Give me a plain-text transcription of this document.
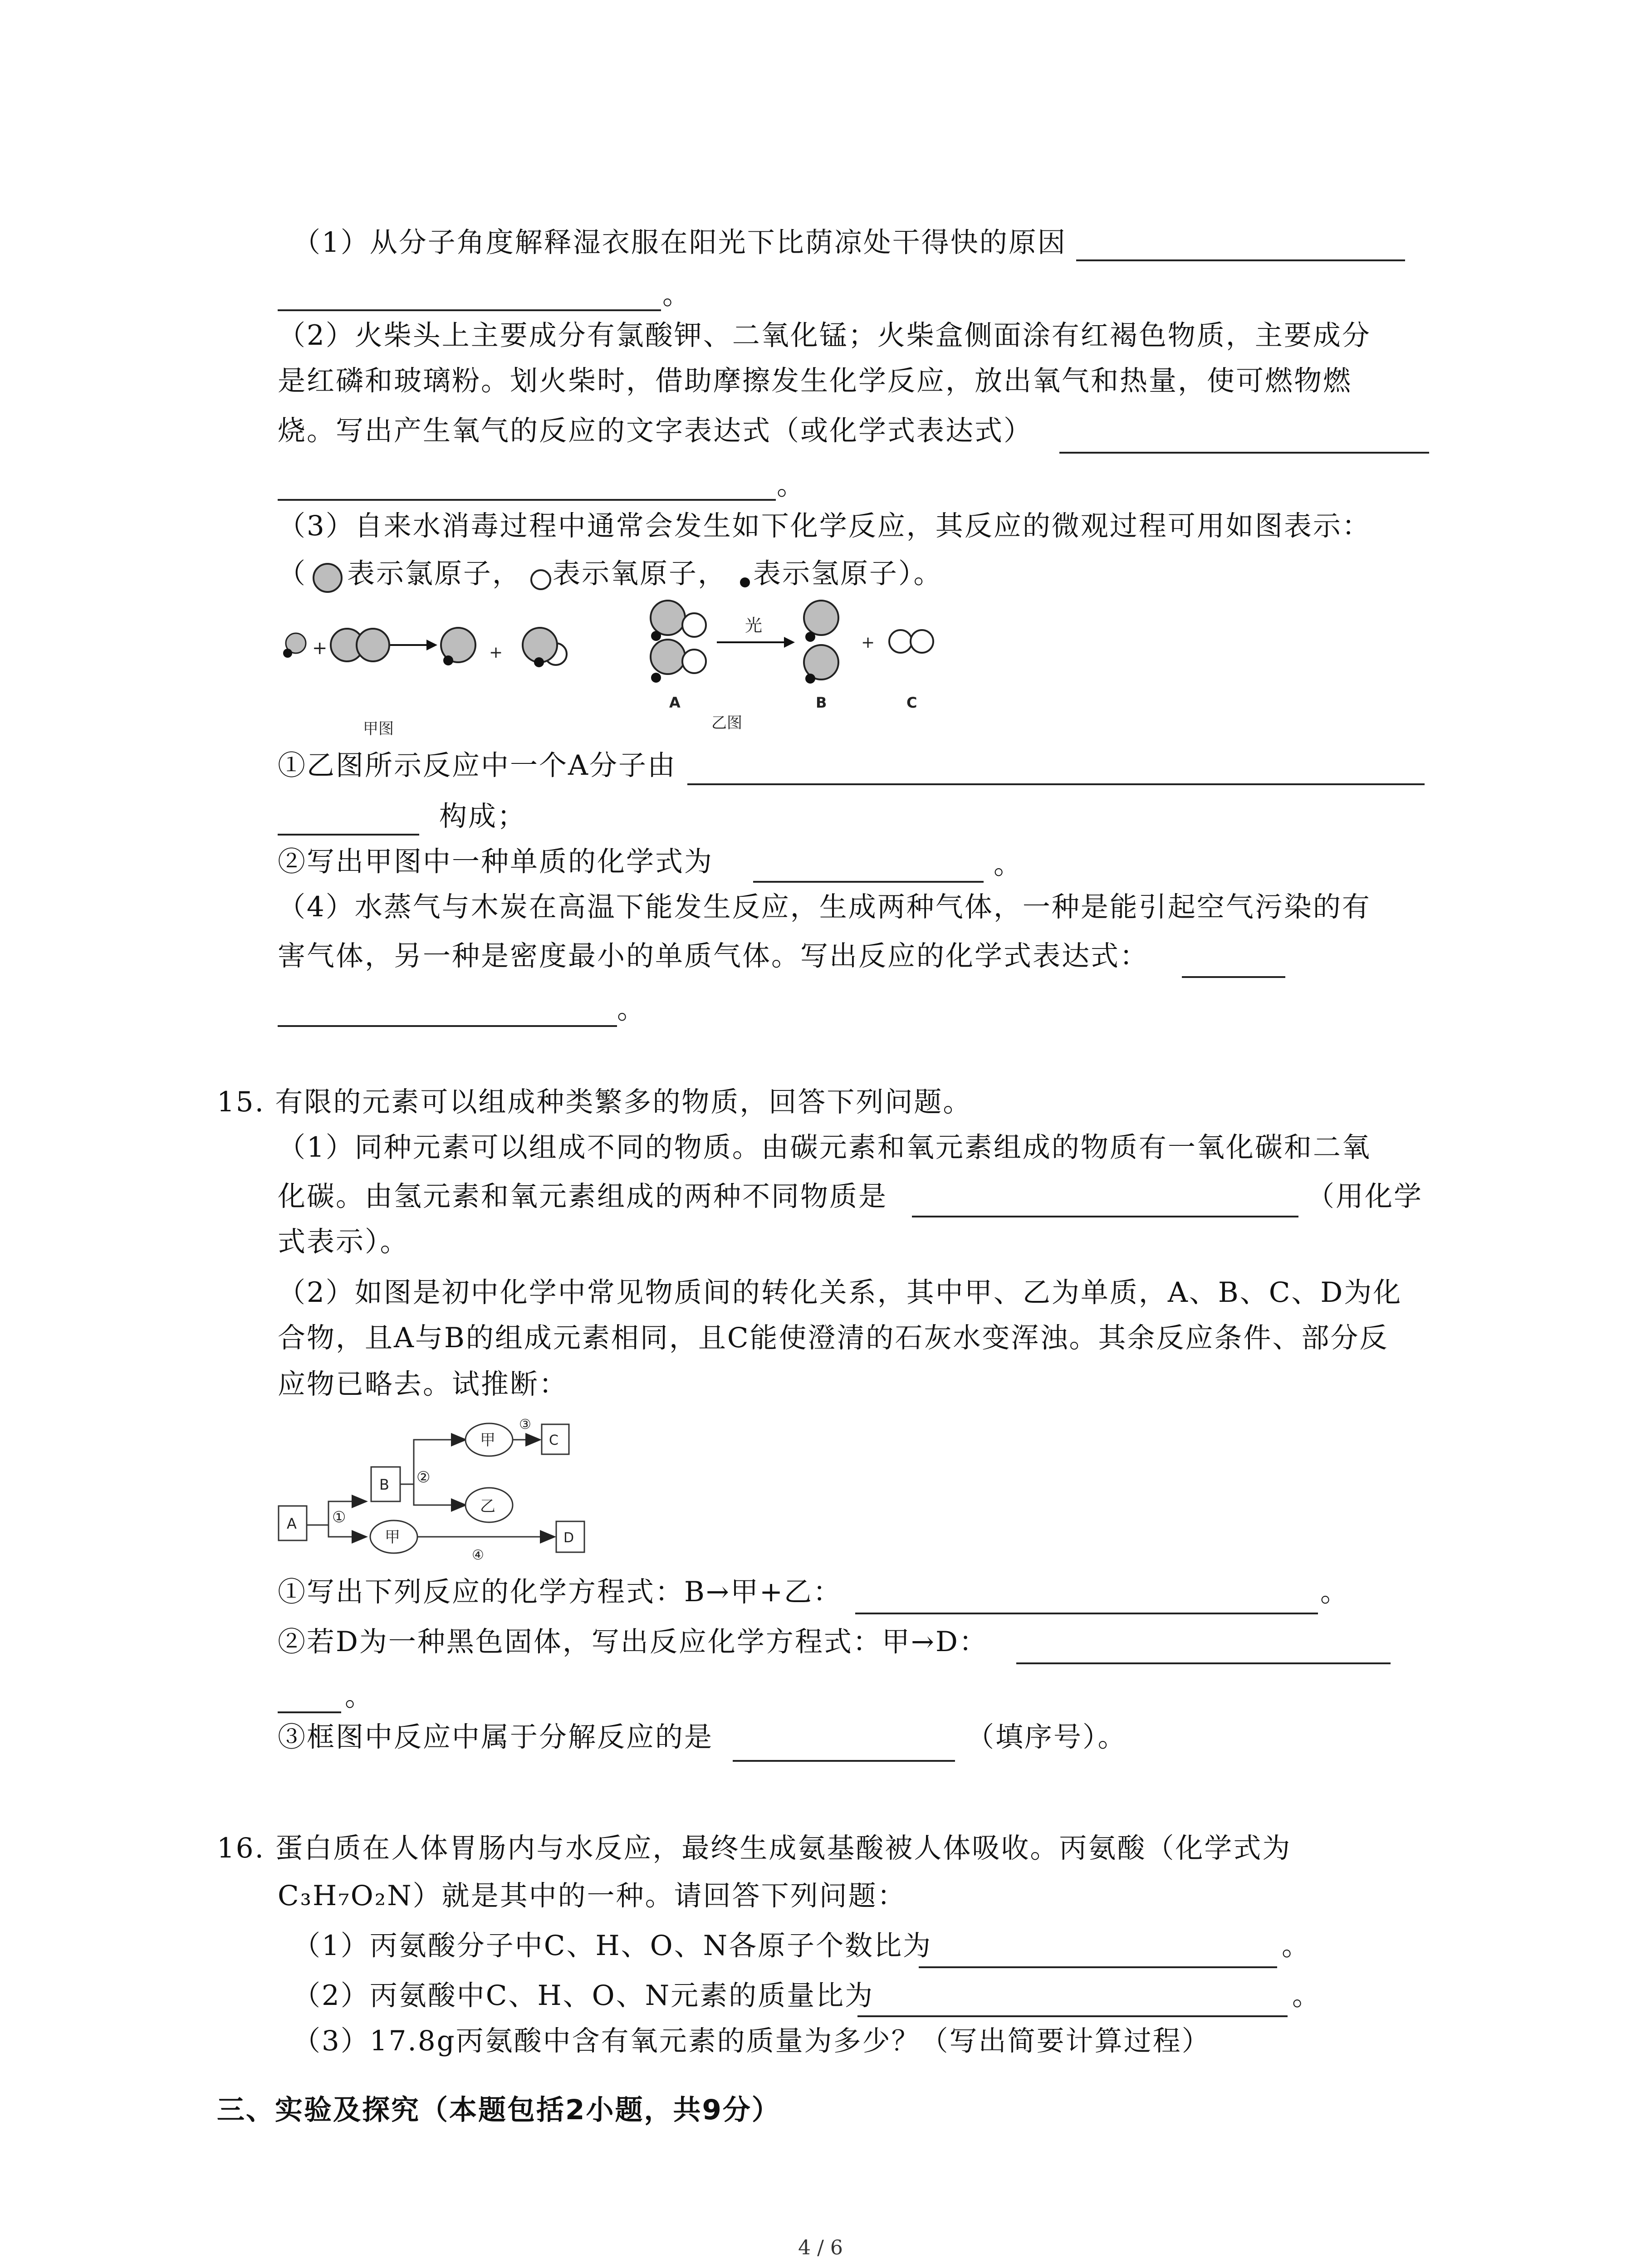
（1）从分子角度解释湿衣服在阳光下比荫凉处干得快的原因
。
（2）火柴头上主要成分有氯酸钾、二氧化锰；火柴盒侧面涂有红褐色物质，主要成分
是红磷和玻璃粉。划火柴时，借助摩擦发生化学反应，放出氧气和热量，使可燃物燃
烧。写出产生氧气的反应的文字表达式（或化学式表达式）
。
（3）自来水消毒过程中通常会发生如下化学反应，其反应的微观过程可用如图表示：
（ 表示氯原子， 表示氧原子， 表示氢原子）。
+	+
甲图
A
光
B
+
C
乙图
①乙图所示反应中一个A分子由
构成；
②写出甲图中一种单质的化学式为	。
（4）水蒸气与木炭在高温下能发生反应，生成两种气体，一种是能引起空气污染的有
害气体，另一种是密度最小的单质气体。写出反应的化学式表达式：
。
15. 有限的元素可以组成种类繁多的物质，回答下列问题。
（1）同种元素可以组成不同的物质。由碳元素和氧元素组成的物质有一氧化碳和二氧
化碳。由氢元素和氧元素组成的两种不同物质是	（用化学
式表示）。
（2）如图是初中化学中常见物质间的转化关系，其中甲、乙为单质，A、B、C、D为化
合物，且A与B的组成元素相同，且C能使澄清的石灰水变浑浊。其余反应条件、部分反
应物已略去。试推断：
A ①
B ②
甲
③
C
乙
甲
④
D
①写出下列反应的化学方程式：B→甲+乙：	。
②若D为一种黑色固体，写出反应化学方程式：甲→D：
。
③框图中反应中属于分解反应的是	（填序号）。
16. 蛋白质在人体胃肠内与水反应，最终生成氨基酸被人体吸收。丙氨酸（化学式为
C₃H₇O₂N）就是其中的一种。请回答下列问题：
（1）丙氨酸分子中C、H、O、N各原子个数比为	。
（2）丙氨酸中C、H、O、N元素的质量比为	。
（3）17.8g丙氨酸中含有氧元素的质量为多少？（写出简要计算过程）
三、实验及探究（本题包括2小题，共9分）
4 / 6
